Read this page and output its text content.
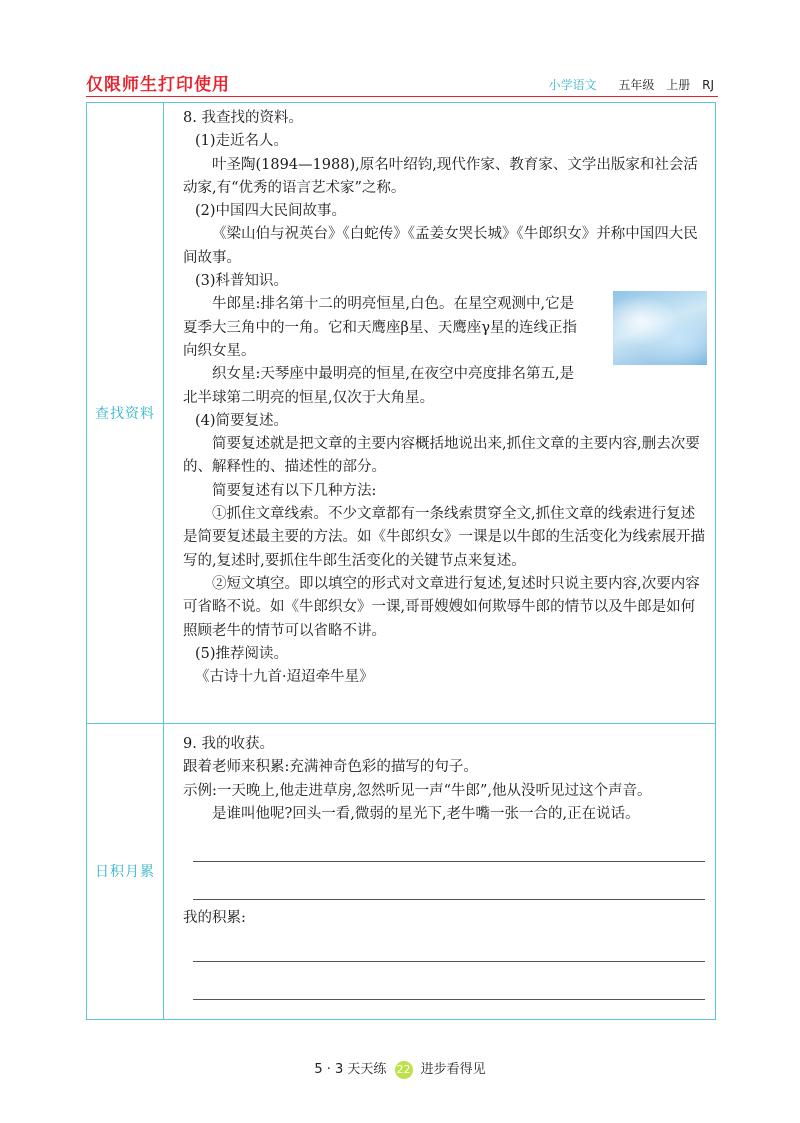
仅限师生打印使用	小学语文 五年级 上册 RJ
查找资料
日积月累

8. 我查找的资料。

(1)走近名人。

叶圣陶(1894—1988),原名叶绍钧,现代作家、教育家、文学出版家和社会活动家,有“优秀的语言艺术家”之称。

(2)中国四大民间故事。

《梁山伯与祝英台》《白蛇传》《孟姜女哭长城》《牛郎织女》并称中国四大民间故事。

(3)科普知识。

牛郎星:排名第十二的明亮恒星,白色。在星空观测中,它是夏季大三角中的一角。它和天鹰座β星、天鹰座γ星的连线正指向织女星。

织女星:天琴座中最明亮的恒星,在夜空中亮度排名第五,是北半球第二明亮的恒星,仅次于大角星。

(4)简要复述。

简要复述就是把文章的主要内容概括地说出来,抓住文章的主要内容,删去次要的、解释性的、描述性的部分。

简要复述有以下几种方法:

①抓住文章线索。不少文章都有一条线索贯穿全文,抓住文章的线索进行复述是简要复述最主要的方法。如《牛郎织女》一课是以牛郎的生活变化为线索展开描写的,复述时,要抓住牛郎生活变化的关键节点来复述。

②短文填空。即以填空的形式对文章进行复述,复述时只说主要内容,次要内容可省略不说。如《牛郎织女》一课,哥哥嫂嫂如何欺辱牛郎的情节以及牛郎是如何照顾老牛的情节可以省略不讲。

(5)推荐阅读。

《古诗十九首·迢迢牵牛星》

9. 我的收获。

跟着老师来积累:充满神奇色彩的描写的句子。

示例:一天晚上,他走进草房,忽然听见一声“牛郎”,他从没听见过这个声音。

是谁叫他呢?回头一看,微弱的星光下,老牛嘴一张一合的,正在说话。

我的积累:

5 · 3 天天练 22 进步看得见
